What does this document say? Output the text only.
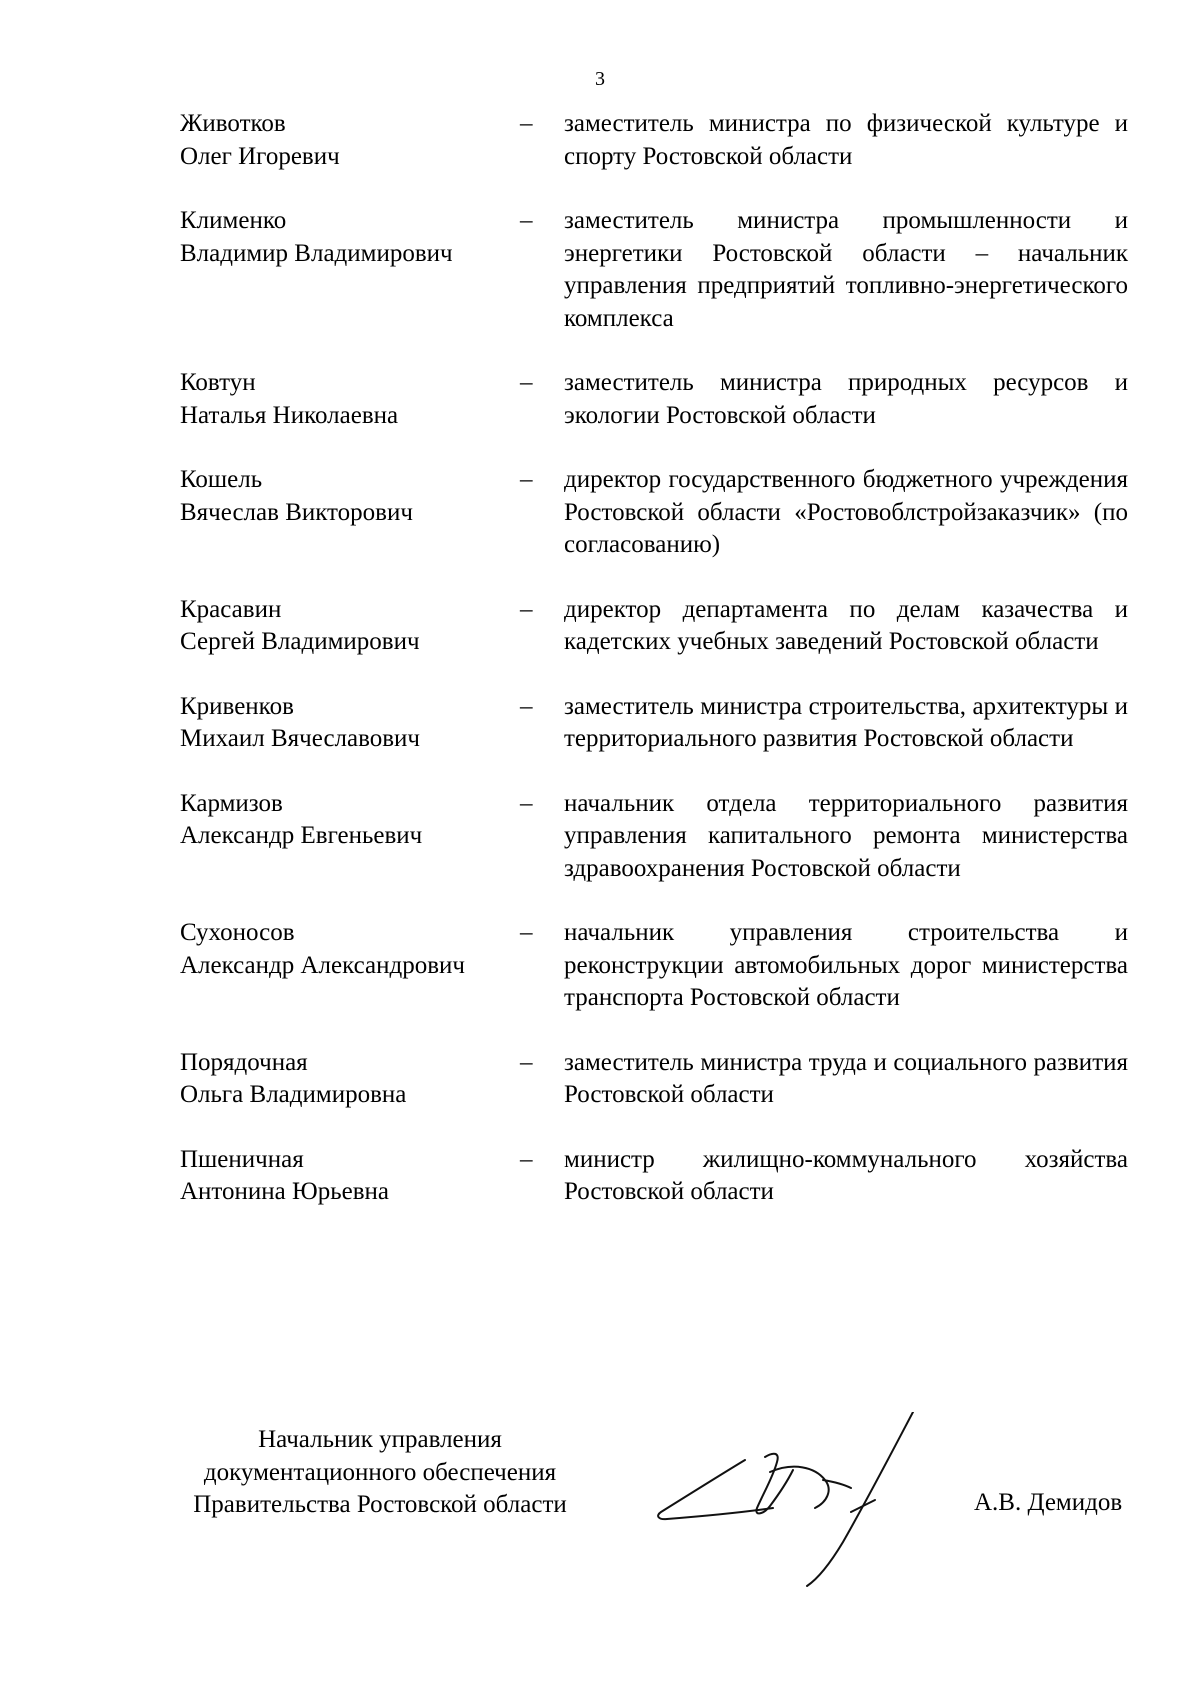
3
Животков
Олег Игоревич
–	заместитель министра по физической культуре и спорту Ростовской области
Клименко
Владимир Владимирович
–	заместитель министра промышленности и энергетики Ростовской области – начальник управления предприятий топливно-энергетического комплекса
Ковтун
Наталья Николаевна
–	заместитель министра природных ресурсов и экологии Ростовской области
Кошель
Вячеслав Викторович
–	директор государственного бюджетного учреждения Ростовской области «Ростовоблстройзаказчик» (по согласованию)
Красавин
Сергей Владимирович
–	директор департамента по делам казачества и кадетских учебных заведений Ростовской области
Кривенков
Михаил Вячеславович
–	заместитель министра строительства, архитектуры и территориального развития Ростовской области
Кармизов
Александр Евгеньевич
–	начальник отдела территориального развития управления капитального ремонта министерства здравоохранения Ростовской области
Сухоносов
Александр Александрович
–	начальник управления строительства и реконструкции автомобильных дорог министерства транспорта Ростовской области
Порядочная
Ольга Владимировна
–	заместитель министра труда и социального развития Ростовской области
Пшеничная
Антонина Юрьевна
–	министр жилищно-коммунального хозяйства Ростовской области
Начальник управления
документационного обеспечения
Правительства Ростовской области	А.В. Демидов
